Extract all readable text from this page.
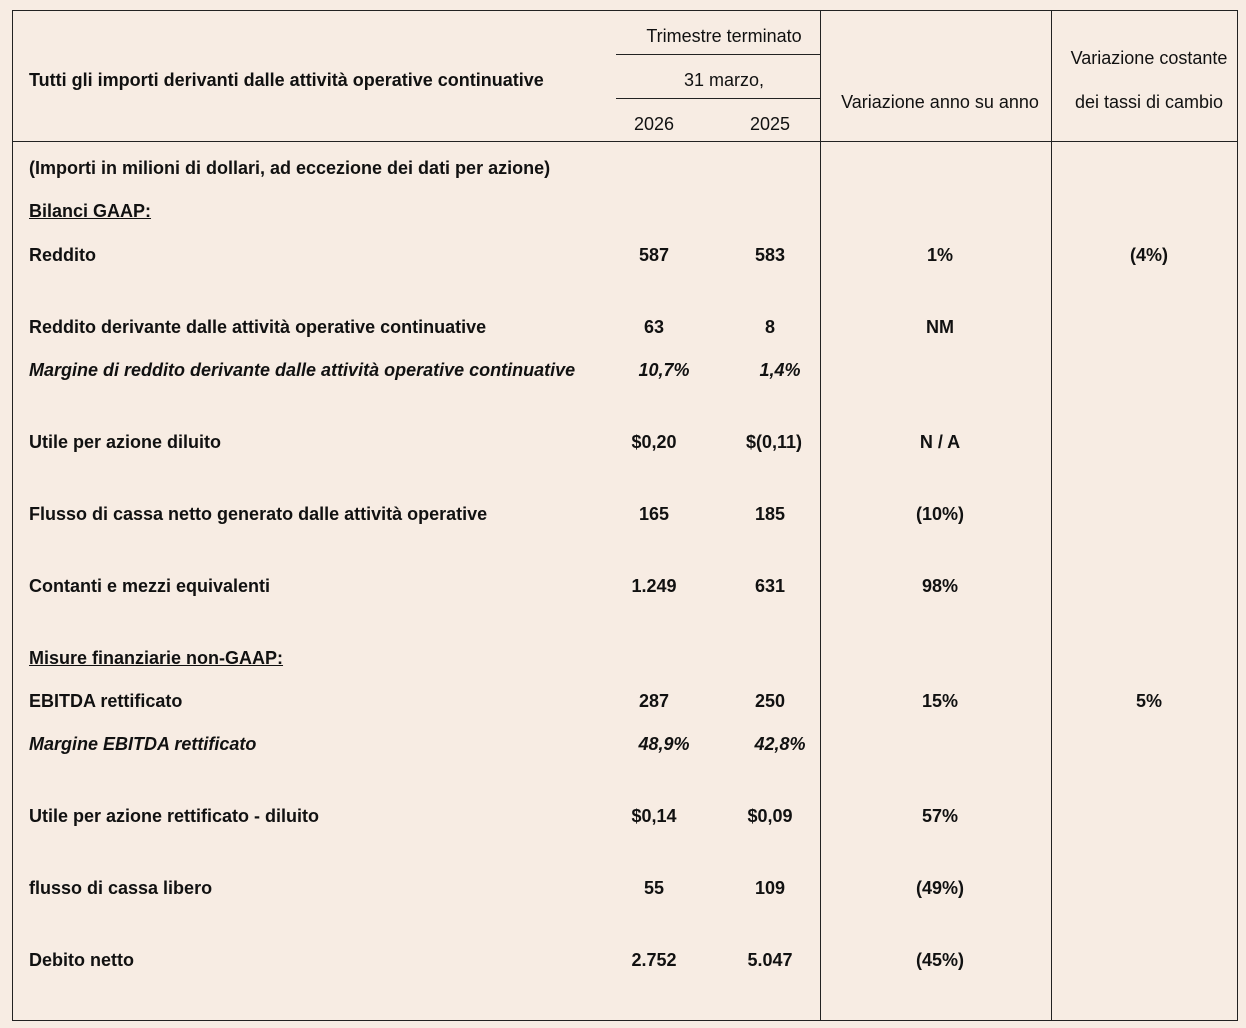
Tutti gli importi derivanti dalle attività operative continuative
Trimestre terminato
31 marzo,
2026	2025
Variazione anno su anno
Variazione costante
dei tassi di cambio
(Importi in milioni di dollari, ad eccezione dei dati per azione)
Bilanci GAAP:
Misure finanziarie non-GAAP:
Reddito	587	583	1%	(4%)
Reddito derivante dalle attività operative continuative	63	8	NM
Margine di reddito derivante dalle attività operative continuative	10,7%	1,4%
Utile per azione diluito	$0,20	$(0,11)	N / A
Flusso di cassa netto generato dalle attività operative	165	185	(10%)
Contanti e mezzi equivalenti	1.249	631	98%
EBITDA rettificato	287	250	15%	5%
Margine EBITDA rettificato	48,9%	42,8%
Utile per azione rettificato - diluito	$0,14	$0,09	57%
flusso di cassa libero	55	109	(49%)
Debito netto	2.752	5.047	(45%)
